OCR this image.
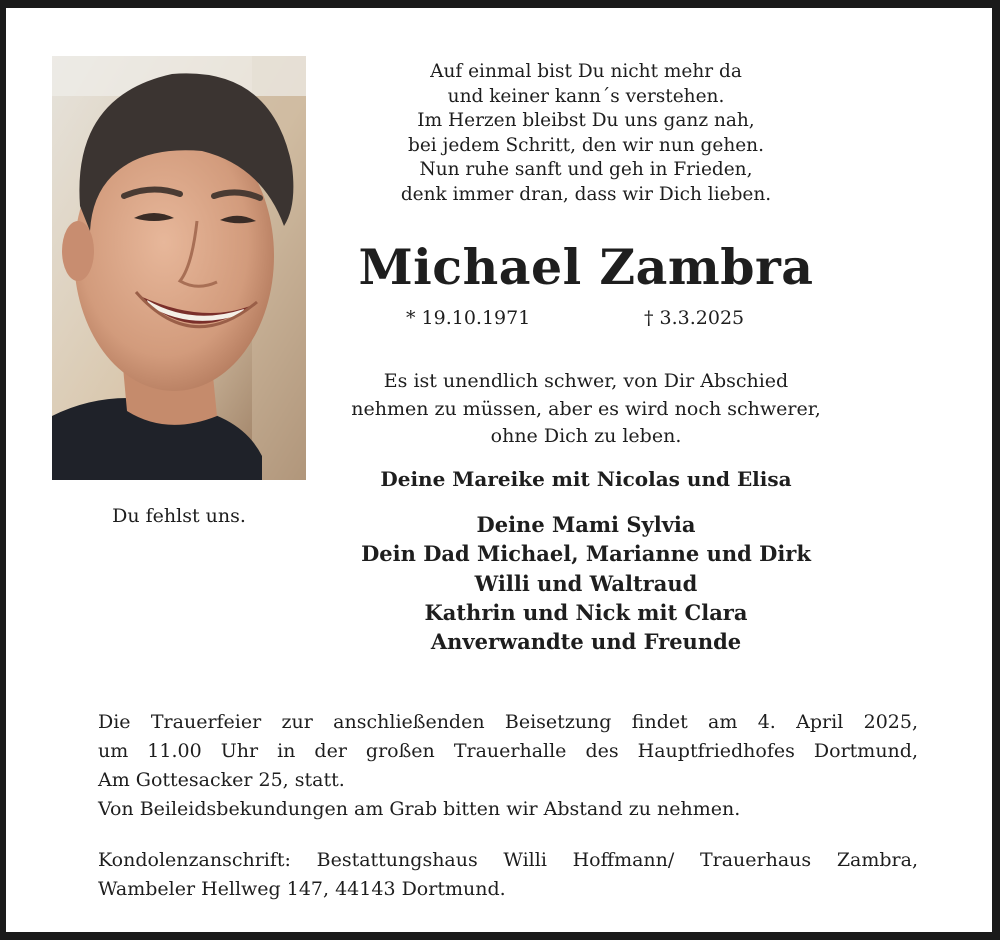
Du fehlst uns.
Auf einmal bist Du nicht mehr da
und keiner kann´s verstehen.
Im Herzen bleibst Du uns ganz nah,
bei jedem Schritt, den wir nun gehen.
Nun ruhe sanft und geh in Frieden,
denk immer dran, dass wir Dich lieben.
Michael Zambra
* 19.10.1971	† 3.3.2025
Es ist unendlich schwer, von Dir Abschied
nehmen zu müssen, aber es wird noch schwerer,
ohne Dich zu leben.
Deine Mareike mit Nicolas und Elisa
Deine Mami Sylvia
Dein Dad Michael, Marianne und Dirk
Willi und Waltraud
Kathrin und Nick mit Clara
Anverwandte und Freunde

Die Trauerfeier zur anschließenden Beisetzung findet am 4. April 2025,

um 11.00 Uhr in der großen Trauerhalle des Hauptfriedhofes Dortmund,

Am Gottesacker 25, statt.

Von Beileidsbekundungen am Grab bitten wir Abstand zu nehmen.

Kondolenzanschrift: Bestattungshaus Willi Hoffmann/ Trauerhaus Zambra,

Wambeler Hellweg 147, 44143 Dortmund.
